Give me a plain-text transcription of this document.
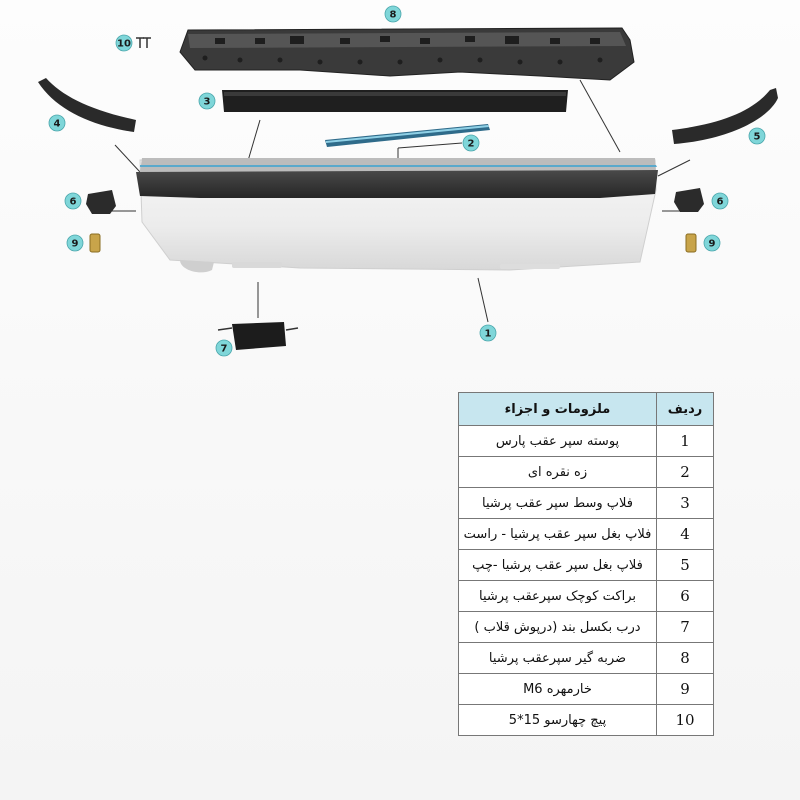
8
10
3
2
4
5
6	6
9	9
7
1
ردیف	ملزومات و اجزاء
1	پوسته سپر عقب پارس
2	زه نقره ای
3	فلاپ وسط سپر عقب پرشیا
4	فلاپ بغل سپر عقب پرشیا - راست
5	فلاپ بغل سپر عقب پرشیا -چپ
6	براکت کوچک سپرعقب پرشیا
7	درب بکسل بند (درپوش قلاب )
8	ضربه گیر سپرعقب پرشیا
9	خارمهره M6
10	پیچ چهارسو 15*5
